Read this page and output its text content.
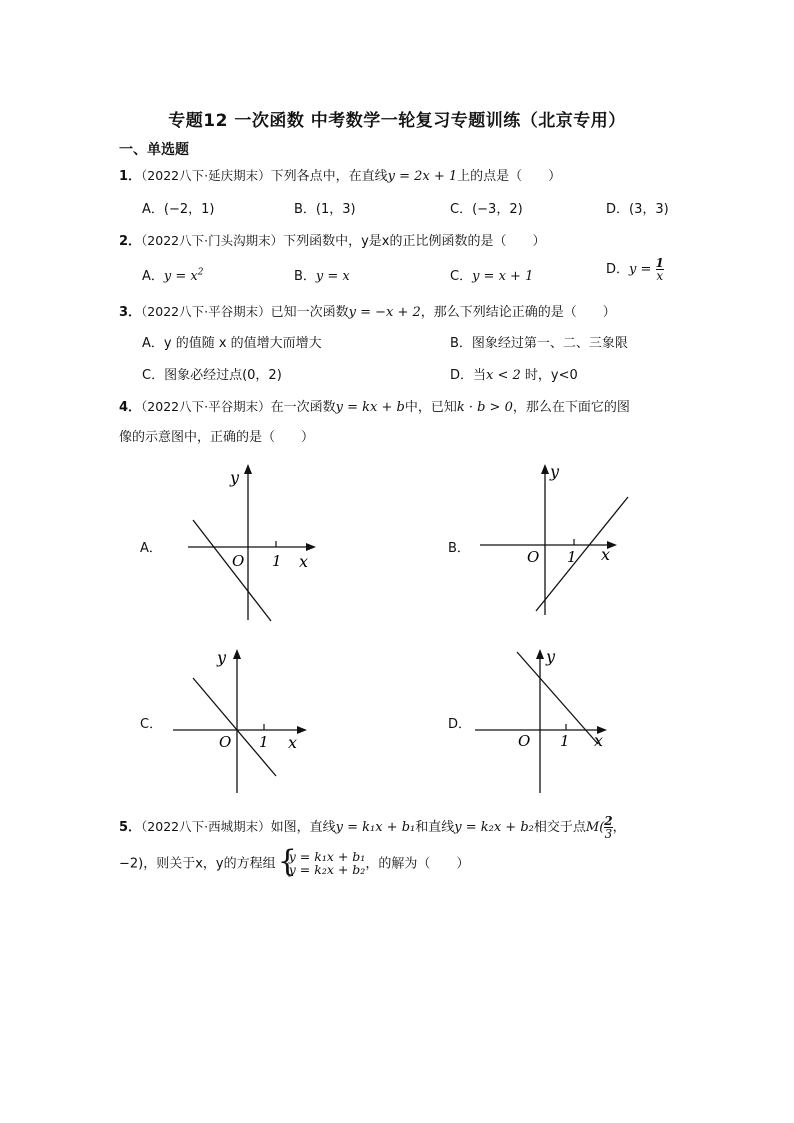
专题12 一次函数 中考数学一轮复习专题训练（北京专用）
一、单选题
1．（2022八下·延庆期末）下列各点中，在直线y = 2x + 1上的点是（　　）
A．(−2，1)	B．(1，3)	C．(−3，2)	D．(3，3)
2．（2022八下·门头沟期末）下列函数中，y是x的正比例函数的是（　　）
A．$y = x^2$	B．y = x	C．y = x + 1	D．$y = \frac{1}{x}$
3．（2022八下·平谷期末）已知一次函数y = −x + 2，那么下列结论正确的是（　　）
A．y 的值随 x 的值增大而增大	B．图象经过第一、二、三象限
C．图象必经过点(0，2)	D．当x < 2 时，y<0
4．（2022八下·平谷期末）在一次函数y = kx + b中，已知k · b > 0，那么在下面它的图
像的示意图中，正确的是（　　）
A．	B．
C．	D．
y
O 1 x
y
O 1 x
y
O 1 x
y
O 1 x
5．（2022八下·西城期末）如图，直线y = k₁x + b₁和直线y = k₂x + b₂相交于点$M( \frac{2}{3}$ ，
−2)，则关于x，y的方程组 {
y = k₁x + b₁
y = k₂x + b₂ ，的解为（　　）
